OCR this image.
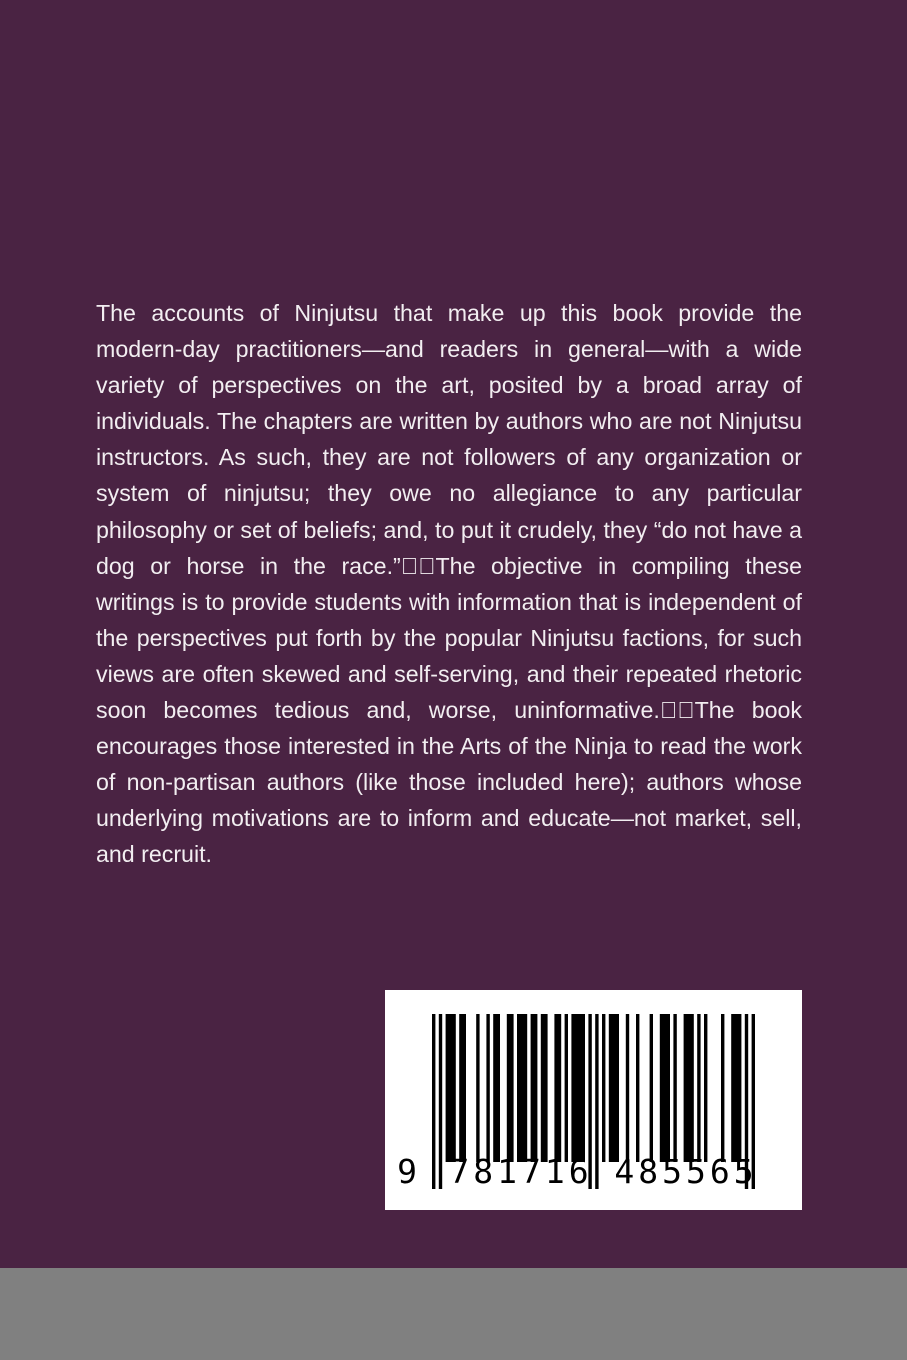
The accounts of Ninjutsu that make up this book provide the modern-day practitioners—and readers in general—with a wide variety of perspectives on the art, posited by a broad array of individuals. The chapters are written by authors who are not Ninjutsu instructors. As such, they are not followers of any organization or system of ninjutsu; they owe no allegiance to any particular philosophy or set of beliefs; and, to put it crudely, they “do not have a dog or horse in the race.”  The objective in compiling these writings is to provide students with information that is independent of the perspectives put forth by the popular Ninjutsu factions, for such views are often skewed and self-serving, and their repeated rhetoric soon becomes tedious and, worse, uninformative.  The book encourages those interested in the Arts of the Ninja to read the work of non-partisan authors (like those included here); authors whose underlying motivations are to inform and educate—not market, sell, and recruit.

9 781716 485565
